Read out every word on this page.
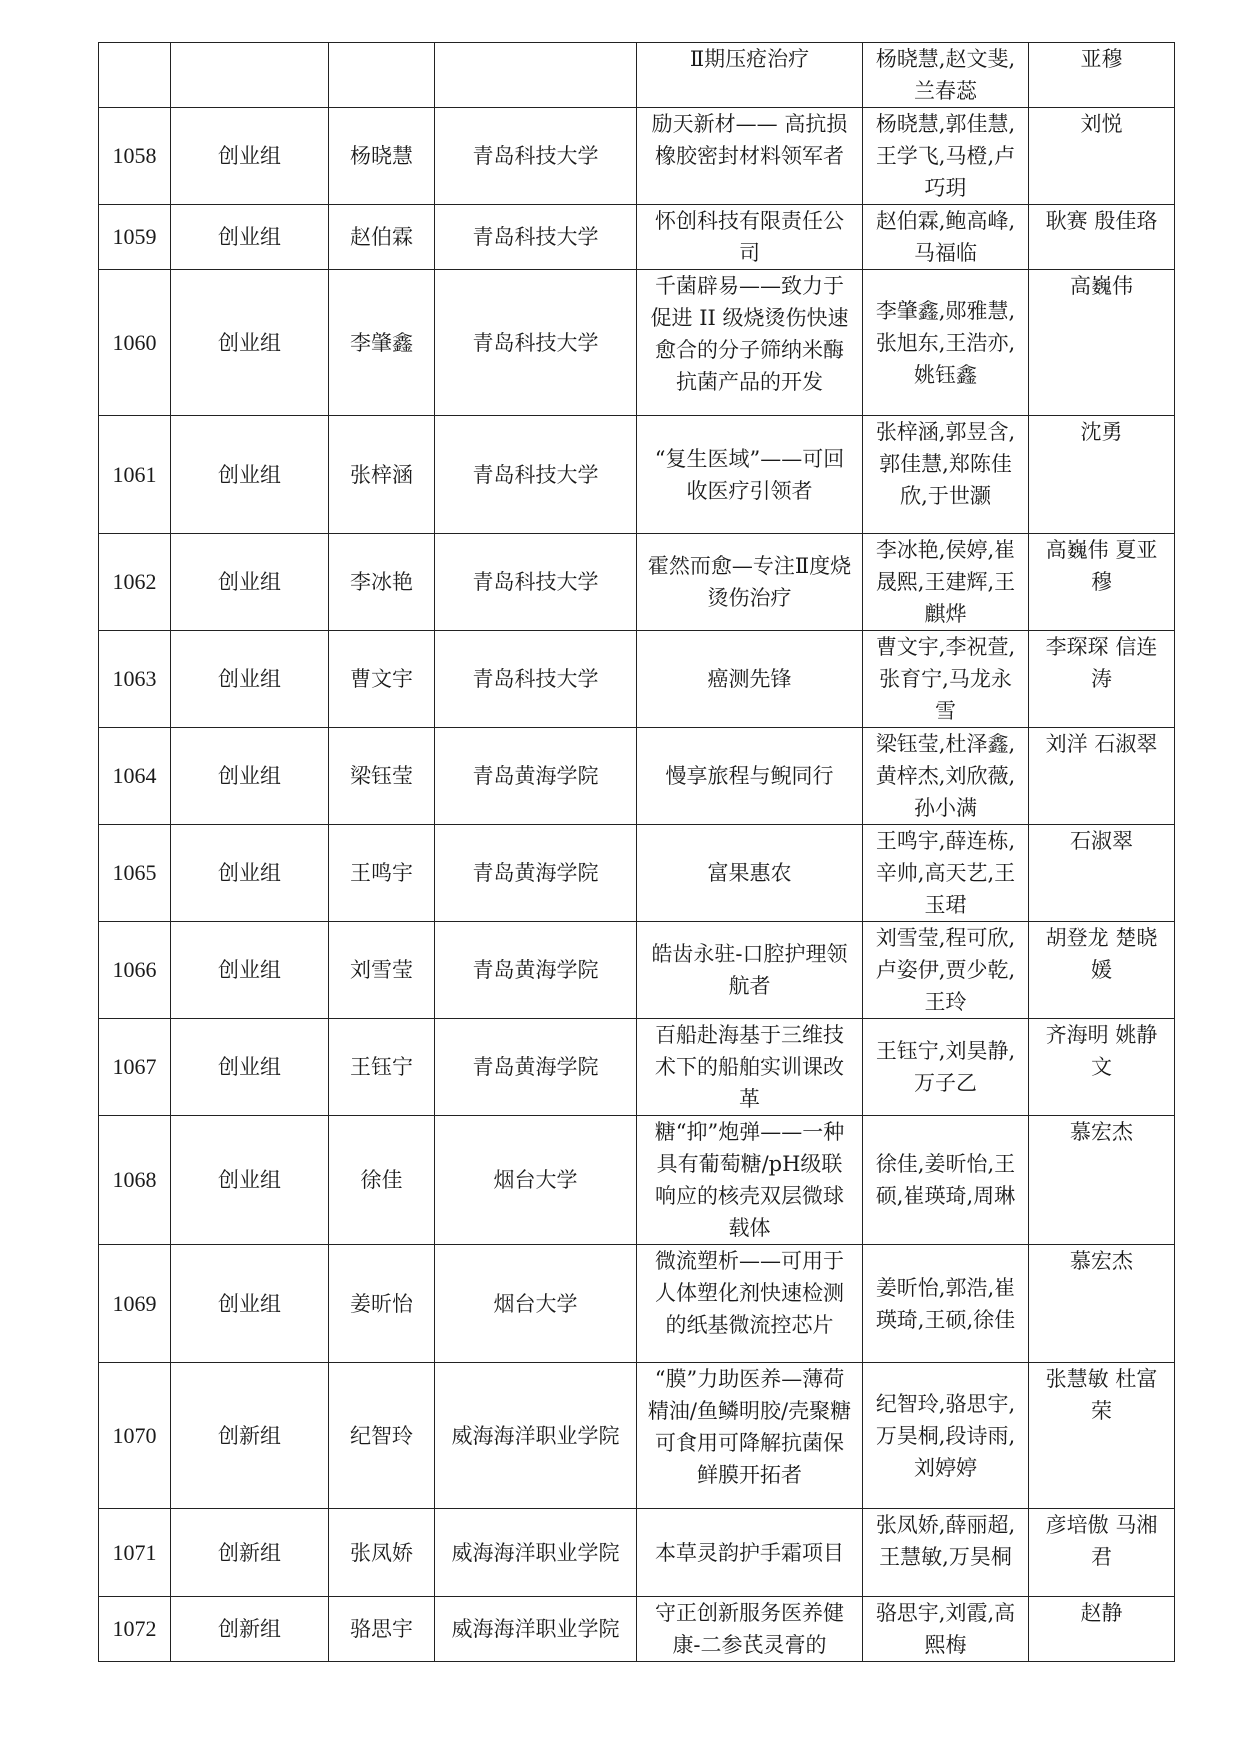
				Ⅱ期压疮治疗	杨晓慧,赵文斐,兰春蕊	亚穆
1058	创业组	杨晓慧	青岛科技大学	励天新材—— 高抗损橡胶密封材料领军者	杨晓慧,郭佳慧,王学飞,马橙,卢巧玥	刘悦
1059	创业组	赵伯霖	青岛科技大学	怀创科技有限责任公司	赵伯霖,鲍高峰,马福临	耿赛 殷佳珞
1060	创业组	李肇鑫	青岛科技大学	千菌辟易——致力于促进 II 级烧烫伤快速愈合的分子筛纳米酶抗菌产品的开发	李肇鑫,郧雅慧,张旭东,王浩亦,姚钰鑫	高巍伟
1061	创业组	张梓涵	青岛科技大学	“复生医域”——可回收医疗引领者	张梓涵,郭昱含,郭佳慧,郑陈佳欣,于世灏	沈勇
1062	创业组	李冰艳	青岛科技大学	霍然而愈—专注Ⅱ度烧烫伤治疗	李冰艳,侯婷,崔晟熙,王建辉,王麒烨	高巍伟 夏亚穆
1063	创业组	曹文宇	青岛科技大学	癌测先锋	曹文宇,李祝萱,张育宁,马龙永雪	李琛琛 信连涛
1064	创业组	梁钰莹	青岛黄海学院	慢享旅程与鲵同行	梁钰莹,杜泽鑫,黄梓杰,刘欣薇,孙小满	刘洋 石淑翠
1065	创业组	王鸣宇	青岛黄海学院	富果惠农	王鸣宇,薛连栋,辛帅,高天艺,王玉珺	石淑翠
1066	创业组	刘雪莹	青岛黄海学院	皓齿永驻-口腔护理领航者	刘雪莹,程可欣,卢姿伊,贾少乾,王玲	胡登龙 楚晓媛
1067	创业组	王钰宁	青岛黄海学院	百船赴海基于三维技术下的船舶实训课改革	王钰宁,刘昊静,万子乙	齐海明 姚静文
1068	创业组	徐佳	烟台大学	糖“抑”炮弹——一种具有葡萄糖/pH级联 响应的核壳双层微球载体	徐佳,姜昕怡,王硕,崔瑛琦,周琳	慕宏杰
1069	创业组	姜昕怡	烟台大学	微流塑析——可用于人体塑化剂快速检测的纸基微流控芯片	姜昕怡,郭浩,崔瑛琦,王硕,徐佳	慕宏杰
1070	创新组	纪智玲	威海海洋职业学院	“膜”力助医养—薄荷精油/鱼鳞明胶/壳聚糖可食用可降解抗菌保鲜膜开拓者	纪智玲,骆思宇,万昊桐,段诗雨,刘婷婷	张慧敏 杜富荣
1071	创新组	张凤娇	威海海洋职业学院	本草灵韵护手霜项目	张凤娇,薛丽超,王慧敏,万昊桐	彦培傲 马湘君
1072	创新组	骆思宇	威海海洋职业学院	守正创新服务医养健康-二参芪灵膏的	骆思宇,刘霞,高熙梅	赵静
